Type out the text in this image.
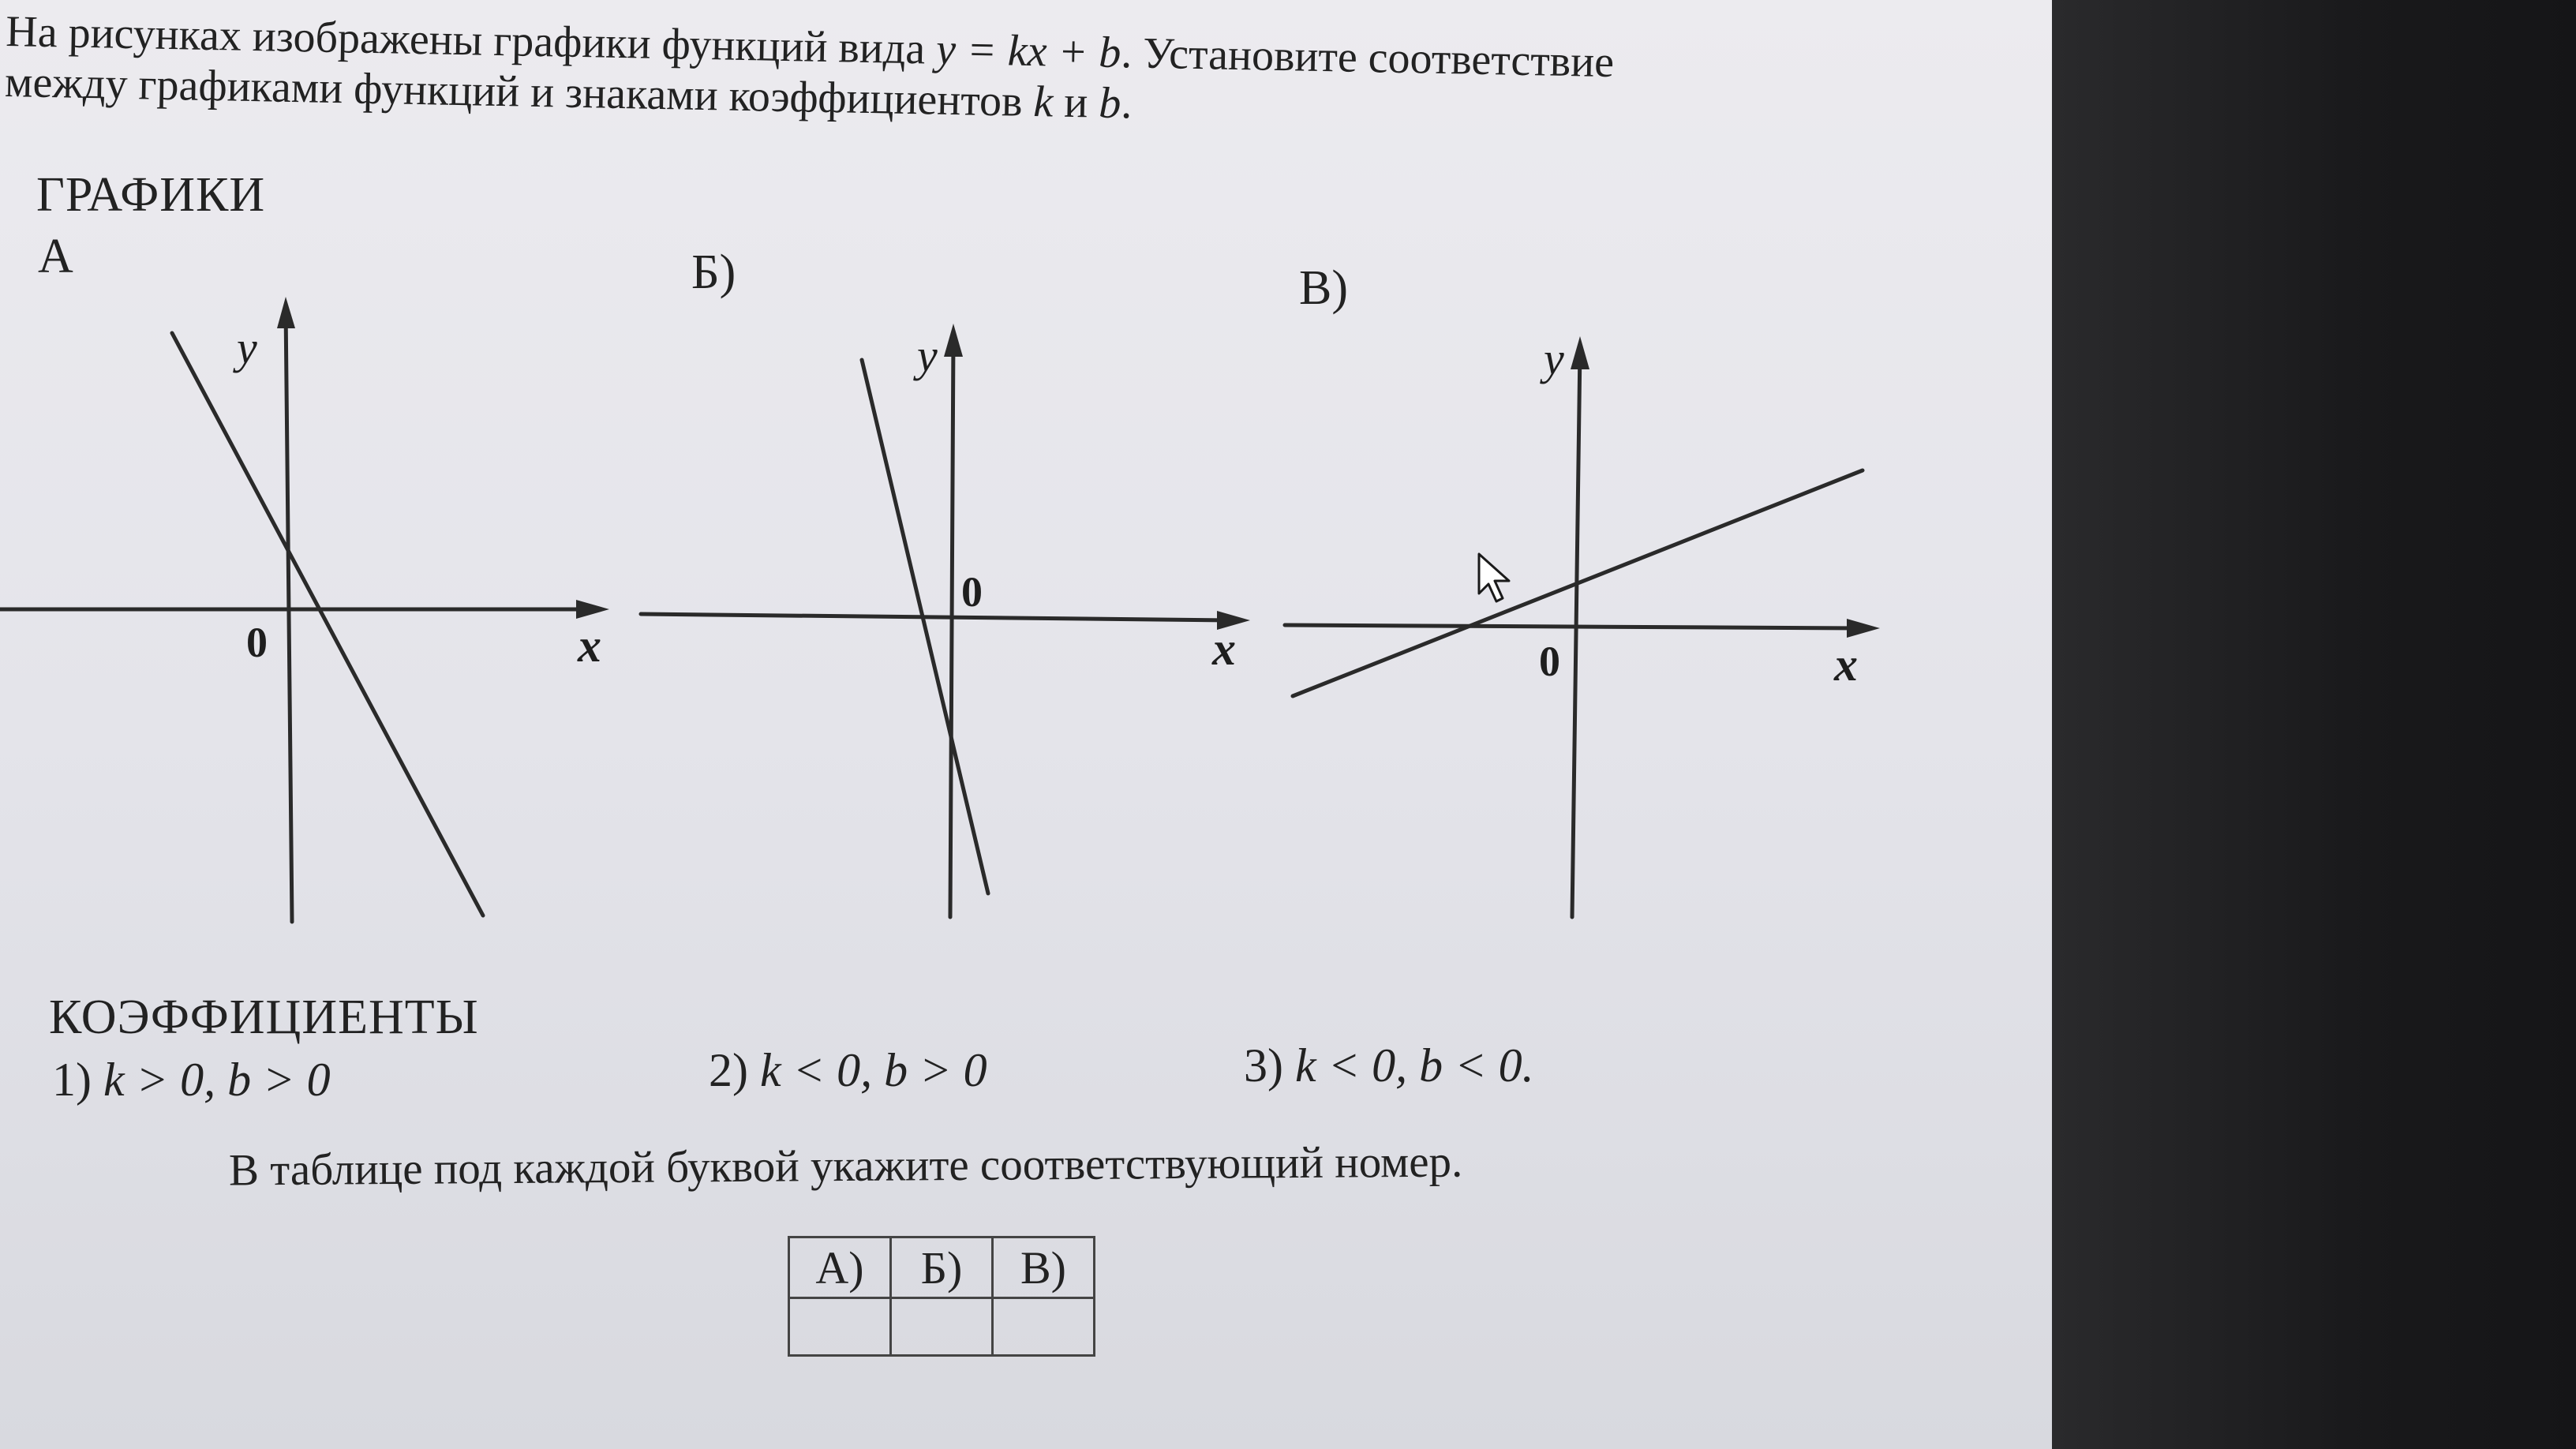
На рисунках изображены графики функций вида y = kx + b. Установите соответствие

между графиками функций и знаками коэффициентов k и b.

ГРАФИКИ
А
y
x
0
Б)
y
x
0
В)
y
x
0
КОЭФФИЦИЕНТЫ
1) k > 0, b > 0	2) k < 0, b > 0	3) k < 0, b < 0.
В таблице под каждой буквой укажите соответствующий номер.
А)	Б)	В)
